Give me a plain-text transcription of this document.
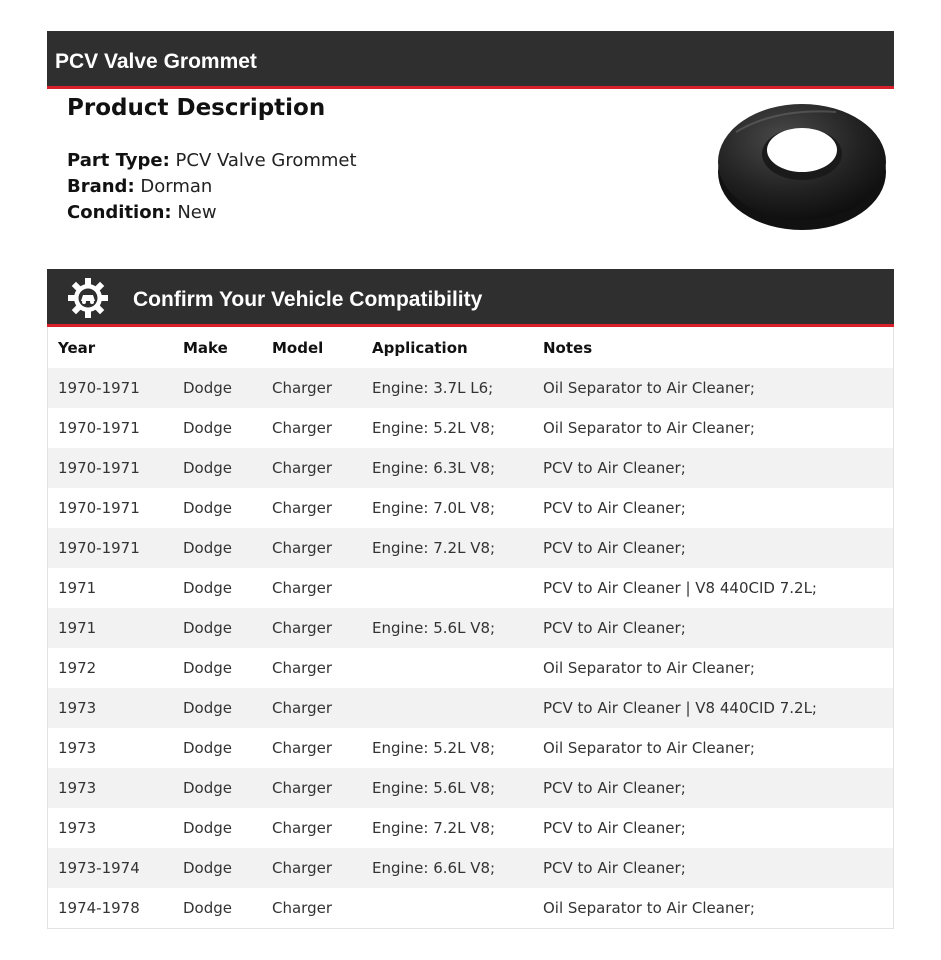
PCV Valve Grommet
Product Description
Part Type: PCV Valve Grommet
Brand: Dorman
Condition: New
Confirm Your Vehicle Compatibility
Year	Make	Model	Application	Notes
1970-1971	Dodge	Charger	Engine: 3.7L L6;	Oil Separator to Air Cleaner;
1970-1971	Dodge	Charger	Engine: 5.2L V8;	Oil Separator to Air Cleaner;
1970-1971	Dodge	Charger	Engine: 6.3L V8;	PCV to Air Cleaner;
1970-1971	Dodge	Charger	Engine: 7.0L V8;	PCV to Air Cleaner;
1970-1971	Dodge	Charger	Engine: 7.2L V8;	PCV to Air Cleaner;
1971	Dodge	Charger		PCV to Air Cleaner | V8 440CID 7.2L;
1971	Dodge	Charger	Engine: 5.6L V8;	PCV to Air Cleaner;
1972	Dodge	Charger		Oil Separator to Air Cleaner;
1973	Dodge	Charger		PCV to Air Cleaner | V8 440CID 7.2L;
1973	Dodge	Charger	Engine: 5.2L V8;	Oil Separator to Air Cleaner;
1973	Dodge	Charger	Engine: 5.6L V8;	PCV to Air Cleaner;
1973	Dodge	Charger	Engine: 7.2L V8;	PCV to Air Cleaner;
1973-1974	Dodge	Charger	Engine: 6.6L V8;	PCV to Air Cleaner;
1974-1978	Dodge	Charger		Oil Separator to Air Cleaner;
